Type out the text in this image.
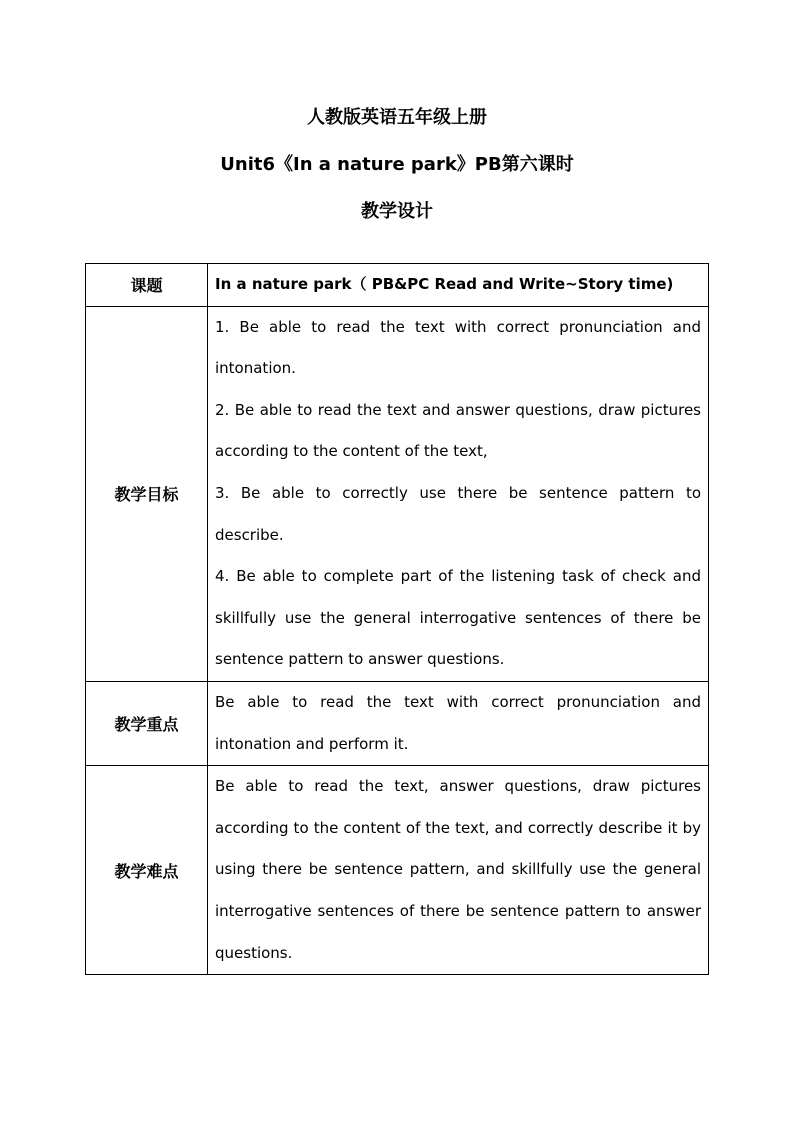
人教版英语五年级上册
Unit6《In a nature park》PB第六课时
教学设计
课题	In a nature park（ PB&PC Read and Write~Story time)
教学目标	1. Be able to read the text with correct pronunciation and intonation.

2. Be able to read the text and answer questions, draw pictures according to the content of the text,

3. Be able to correctly use there be sentence pattern to describe.

4. Be able to complete part of the listening task of check and skillfully use the general interrogative sentences of there be sentence pattern to answer questions.

教学重点	Be able to read the text with correct pronunciation and intonation and perform it.

教学难点	Be able to read the text, answer questions, draw pictures according to the content of the text, and correctly describe it by using there be sentence pattern, and skillfully use the general interrogative sentences of there be sentence pattern to answer questions.
